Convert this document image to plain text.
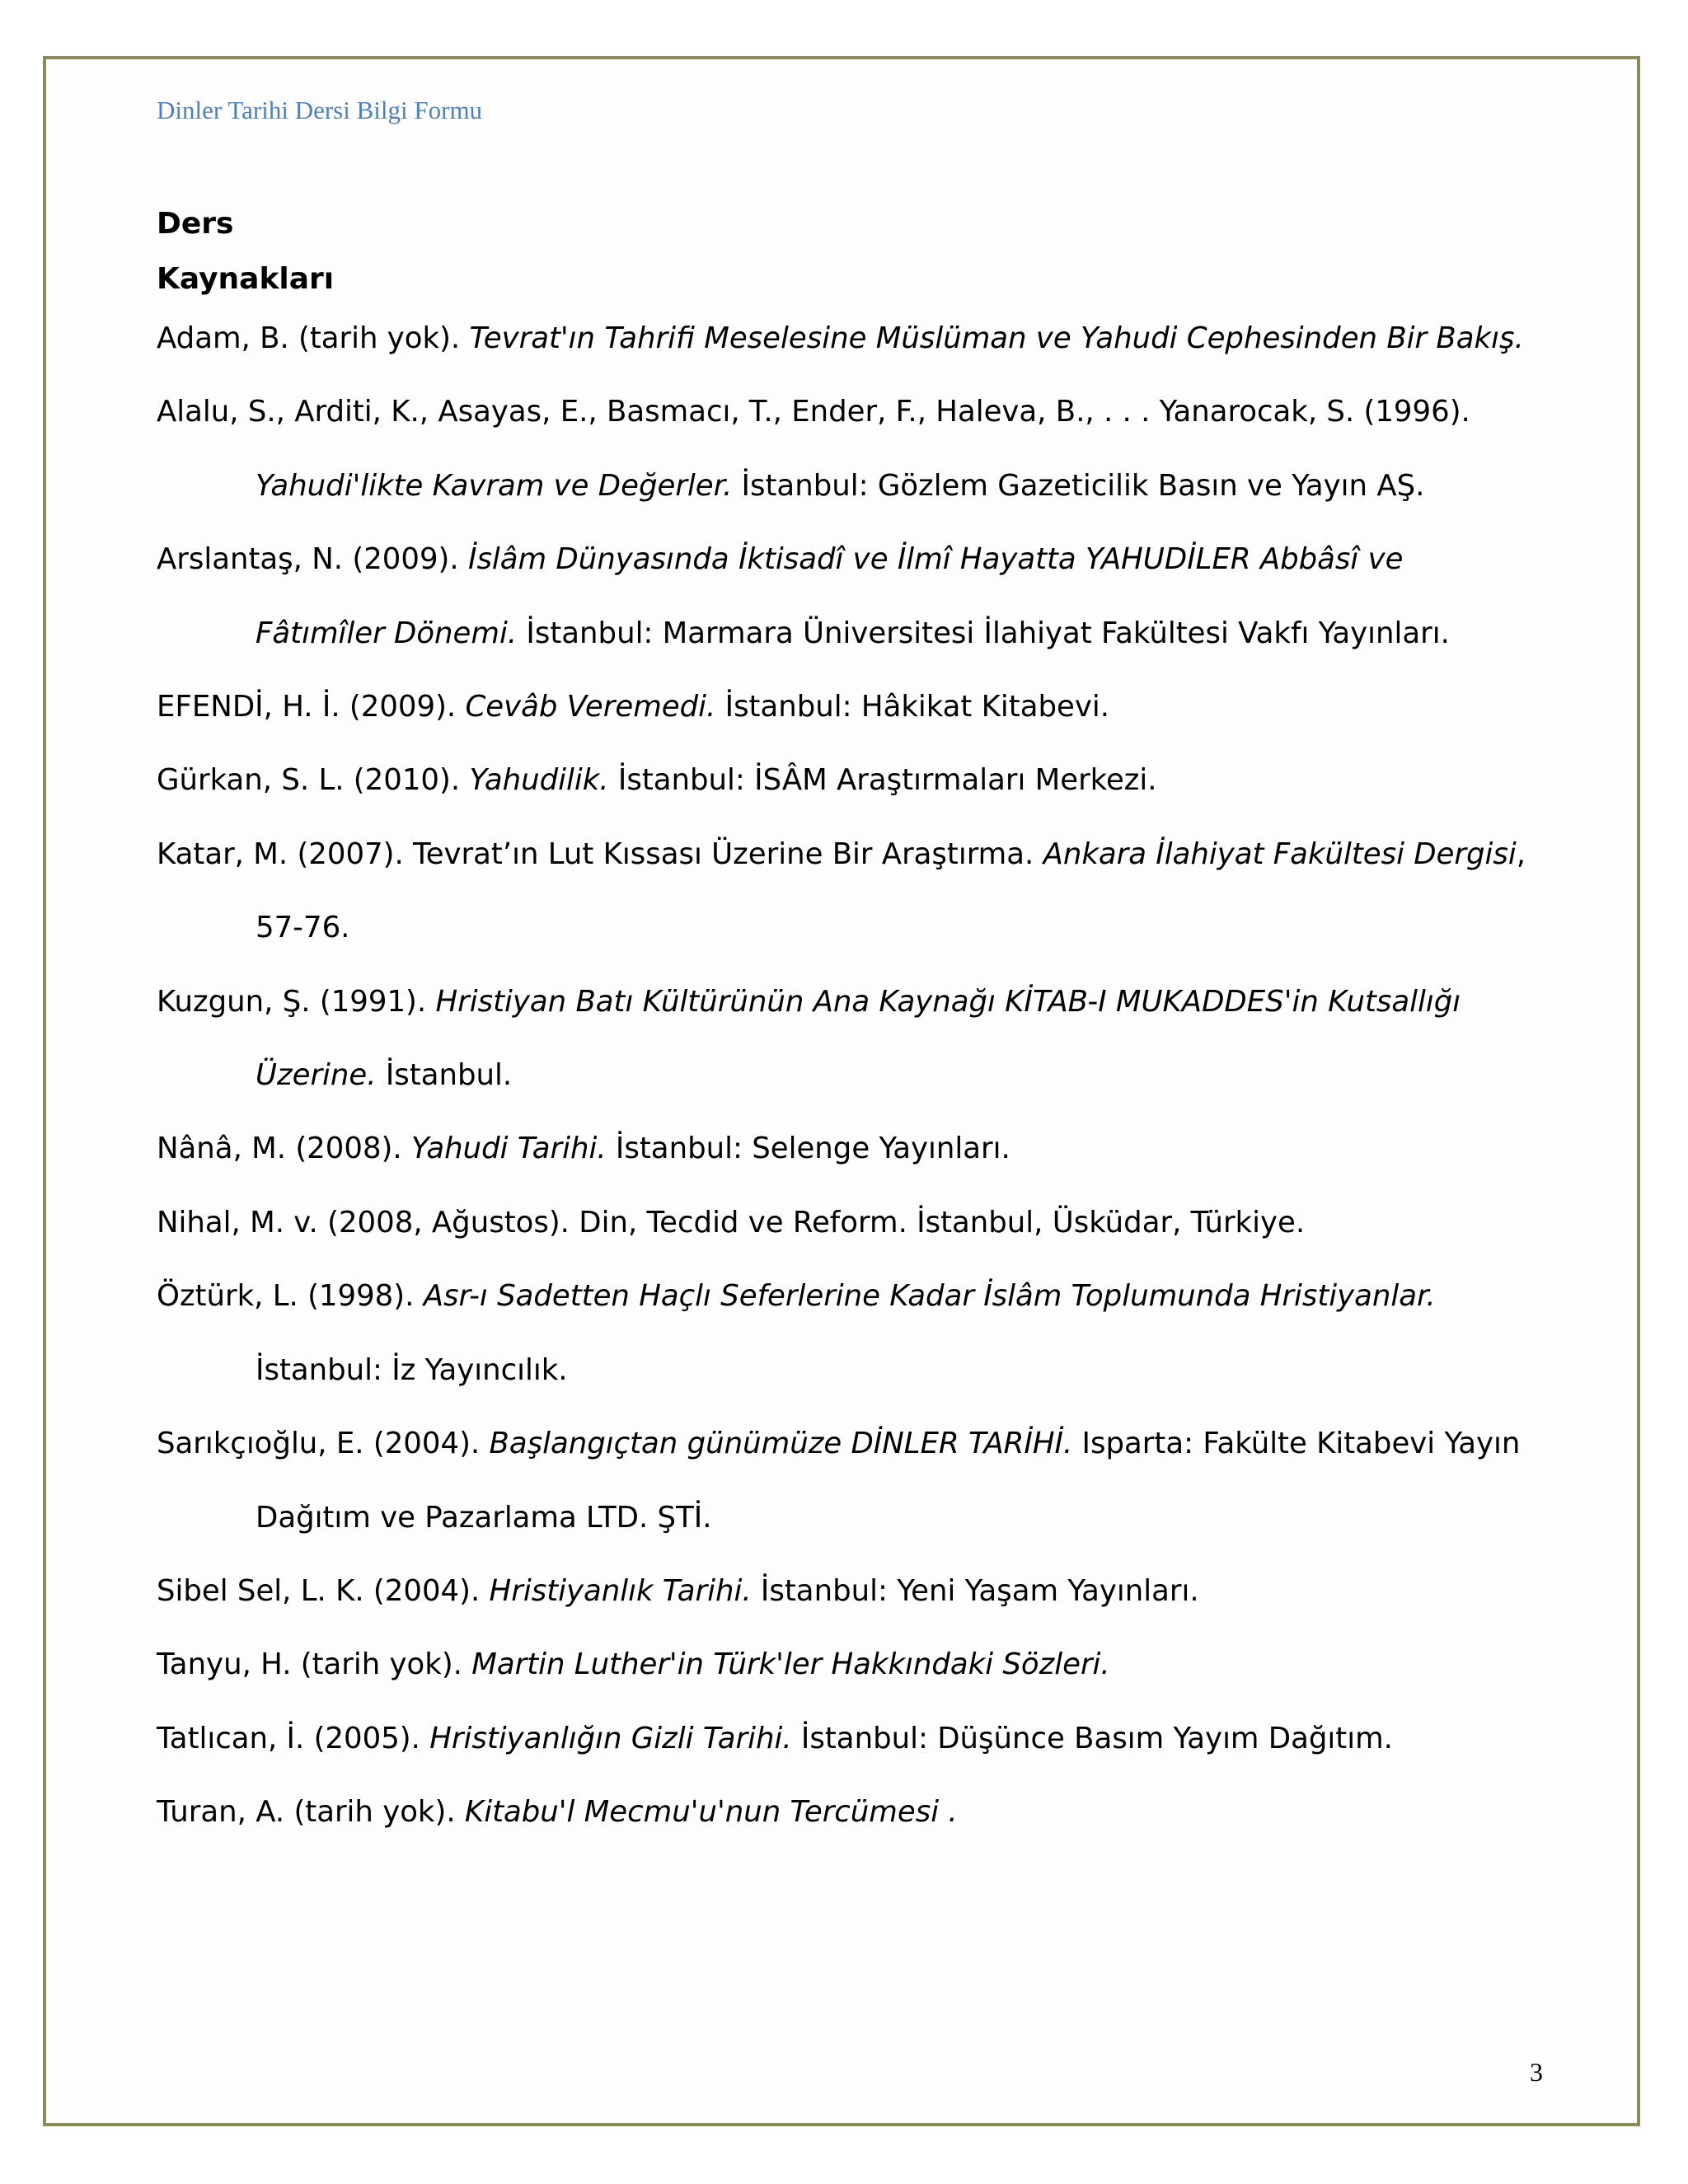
Dinler Tarihi Dersi Bilgi Formu
Ders
Kaynakları

Adam, B. (tarih yok). Tevrat'ın Tahrifi Meselesine Müslüman ve Yahudi Cephesinden Bir Bakış.

Alalu, S., Arditi, K., Asayas, E., Basmacı, T., Ender, F., Haleva, B., . . . Yanarocak, S. (1996). Yahudi'likte Kavram ve Değerler. İstanbul: Gözlem Gazeticilik Basın ve Yayın AŞ.

Arslantaş, N. (2009). İslâm Dünyasında İktisadî ve İlmî Hayatta YAHUDİLER Abbâsî ve Fâtımîler Dönemi. İstanbul: Marmara Üniversitesi İlahiyat Fakültesi Vakfı Yayınları.

EFENDİ, H. İ. (2009). Cevâb Veremedi. İstanbul: Hâkikat Kitabevi.

Gürkan, S. L. (2010). Yahudilik. İstanbul: İSÂM Araştırmaları Merkezi.

Katar, M. (2007). Tevrat’ın Lut Kıssası Üzerine Bir Araştırma. Ankara İlahiyat Fakültesi Dergisi, 57-76.

Kuzgun, Ş. (1991). Hristiyan Batı Kültürünün Ana Kaynağı KİTAB-I MUKADDES'in Kutsallığı Üzerine. İstanbul.

Nânâ, M. (2008). Yahudi Tarihi. İstanbul: Selenge Yayınları.

Nihal, M. v. (2008, Ağustos). Din, Tecdid ve Reform. İstanbul, Üsküdar, Türkiye.

Öztürk, L. (1998). Asr-ı Sadetten Haçlı Seferlerine Kadar İslâm Toplumunda Hristiyanlar. İstanbul: İz Yayıncılık.

Sarıkçıoğlu, E. (2004). Başlangıçtan günümüze DİNLER TARİHİ. Isparta: Fakülte Kitabevi Yayın Dağıtım ve Pazarlama LTD. ŞTİ.

Sibel Sel, L. K. (2004). Hristiyanlık Tarihi. İstanbul: Yeni Yaşam Yayınları.

Tanyu, H. (tarih yok). Martin Luther'in Türk'ler Hakkındaki Sözleri.

Tatlıcan, İ. (2005). Hristiyanlığın Gizli Tarihi. İstanbul: Düşünce Basım Yayım Dağıtım.

Turan, A. (tarih yok). Kitabu'l Mecmu'u'nun Tercümesi .

3
